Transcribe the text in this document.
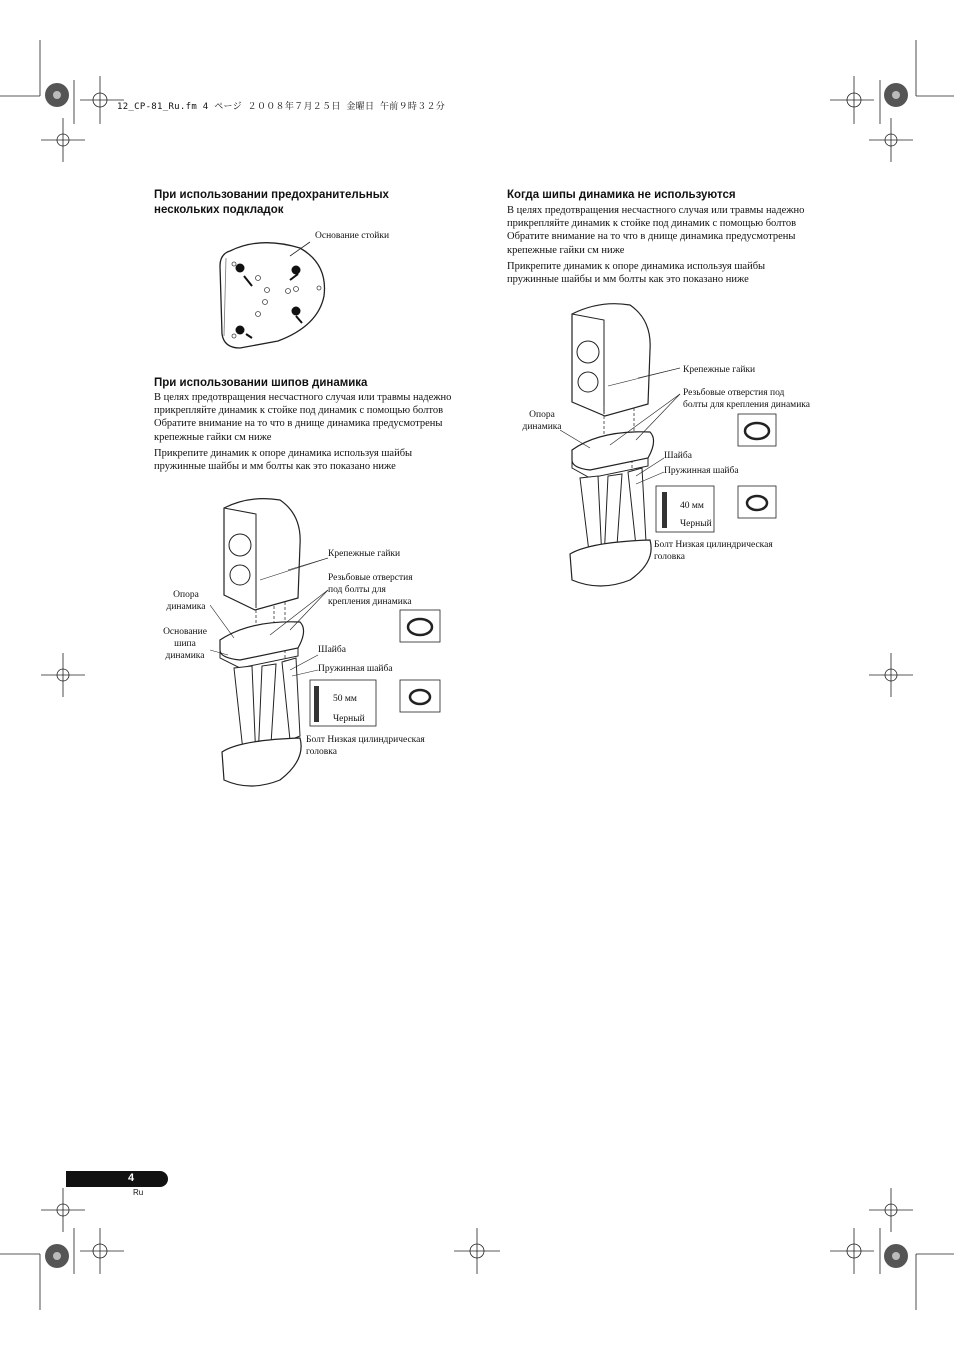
12_CP-81_Ru.fm 4 ページ ２００８年７月２５日 金曜日 午前９時３２分
При использовании предохранительных
нескольких подкладок
Основание стойки
При использовании шипов динамика
В целях предотвращения несчастного случая или травмы надежно
прикрепляйте динамик к стойке под динамик с помощью болтов
Обратите внимание на то что в днище динамика предусмотрены
крепежные гайки см ниже
Прикрепите динамик к опоре динамика используя шайбы
пружинные шайбы и мм болты как это показано ниже
Крепежные гайки
Резьбовые отверстия
под болты для
крепления динамика
Опора
динамика
Основание
шипа
динамика
Шайба
Пружинная шайба
50 мм
Черный
Болт Низкая цилиндрическая
головка
Когда шипы динамика не используются
В целях предотвращения несчастного случая или травмы надежно
прикрепляйте динамик к стойке под динамик с помощью болтов
Обратите внимание на то что в днище динамика предусмотрены
крепежные гайки см ниже
Прикрепите динамик к опоре динамика используя шайбы
пружинные шайбы и мм болты как это показано ниже
Крепежные гайки
Резьбовые отверстия под
болты для крепления динамика
Опора
динамика
Шайба
Пружинная шайба
40 мм
Черный
Болт Низкая цилиндрическая
головка
4
Ru
